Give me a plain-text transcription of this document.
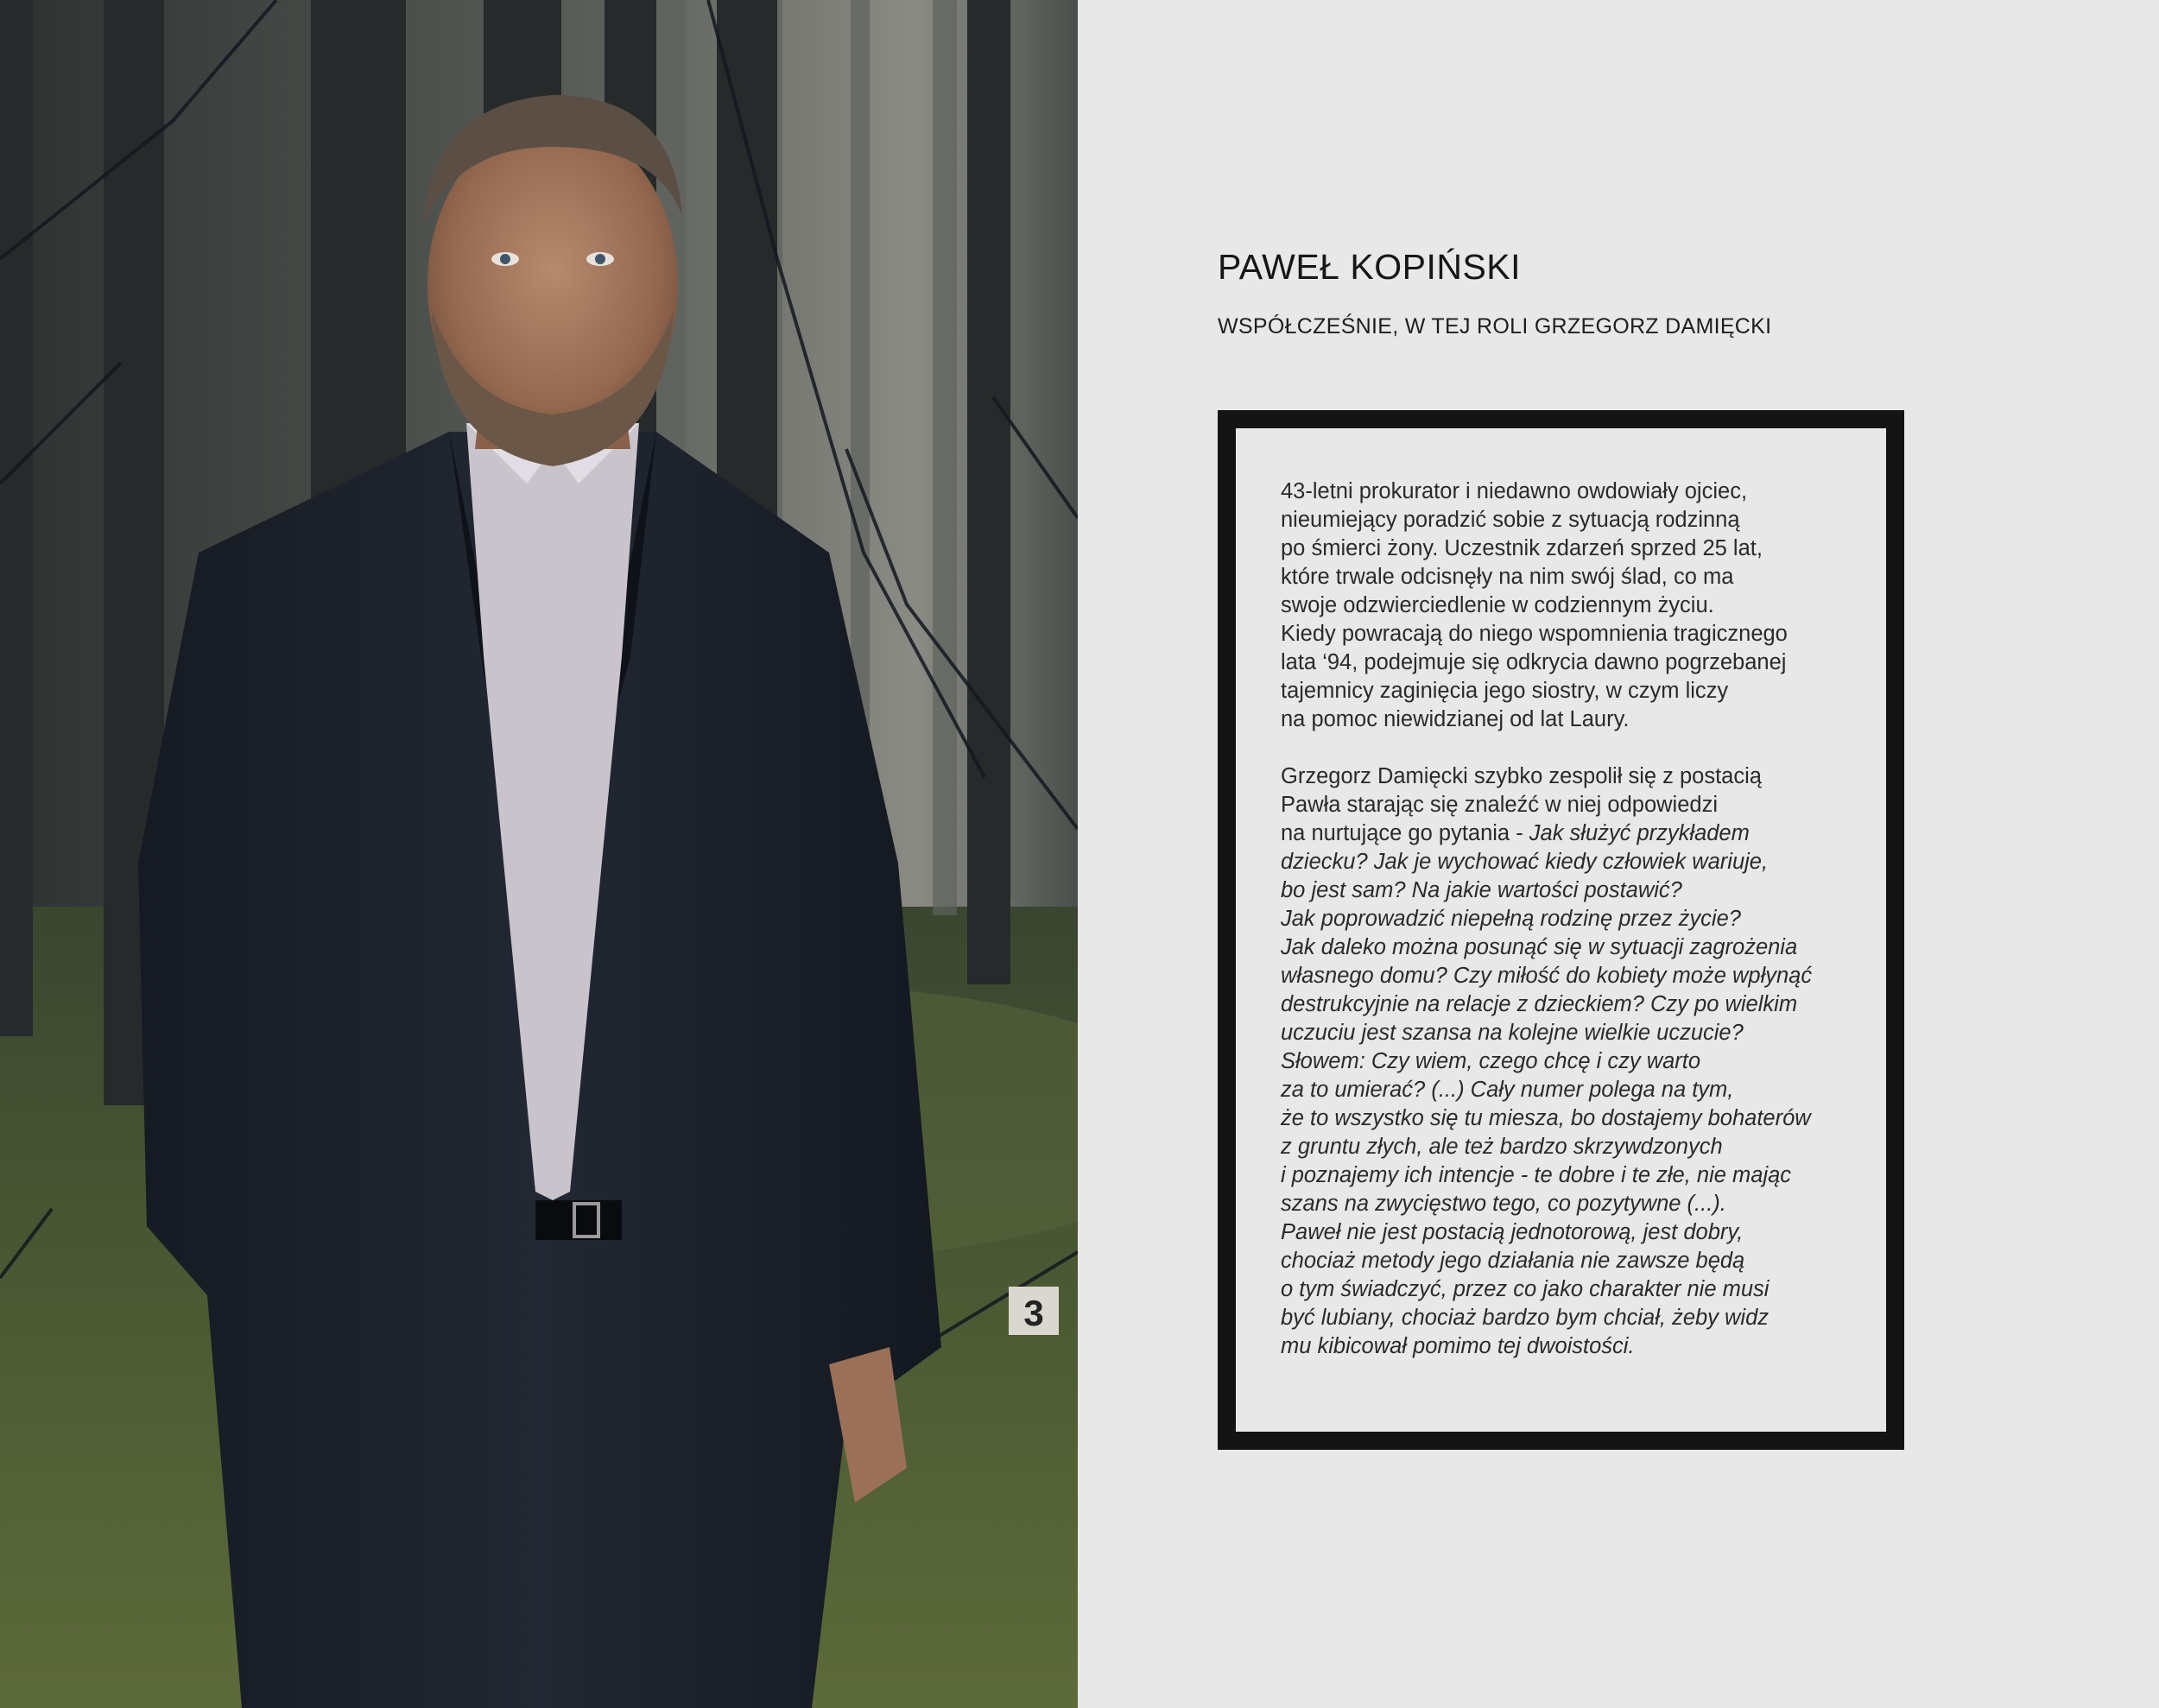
3
PAWEŁ KOPIŃSKI
WSPÓŁCZEŚNIE, W TEJ ROLI GRZEGORZ DAMIĘCKI
43-letni prokurator i niedawno owdowiały ojciec,
nieumiejący poradzić sobie z sytuacją rodzinną
po śmierci żony. Uczestnik zdarzeń sprzed 25 lat,
które trwale odcisnęły na nim swój ślad, co ma
swoje odzwierciedlenie w codziennym życiu.
Kiedy powracają do niego wspomnienia tragicznego
lata ‘94, podejmuje się odkrycia dawno pogrzebanej
tajemnicy zaginięcia jego siostry, w czym liczy
na pomoc niewidzianej od lat Laury.
Grzegorz Damięcki szybko zespolił się z postacią
Pawła starając się znaleźć w niej odpowiedzi
na nurtujące go pytania - Jak służyć przykładem
dziecku? Jak je wychować kiedy człowiek wariuje,
bo jest sam? Na jakie wartości postawić?
Jak poprowadzić niepełną rodzinę przez życie?
Jak daleko można posunąć się w sytuacji zagrożenia
własnego domu? Czy miłość do kobiety może wpłynąć
destrukcyjnie na relacje z dzieckiem? Czy po wielkim
uczuciu jest szansa na kolejne wielkie uczucie?
Słowem: Czy wiem, czego chcę i czy warto
za to umierać? (...) Cały numer polega na tym,
że to wszystko się tu miesza, bo dostajemy bohaterów
z gruntu złych, ale też bardzo skrzywdzonych
i poznajemy ich intencje - te dobre i te złe, nie mając
szans na zwycięstwo tego, co pozytywne (...).
Paweł nie jest postacią jednotorową, jest dobry,
chociaż metody jego działania nie zawsze będą
o tym świadczyć, przez co jako charakter nie musi
być lubiany, chociaż bardzo bym chciał, żeby widz
mu kibicował pomimo tej dwoistości.
